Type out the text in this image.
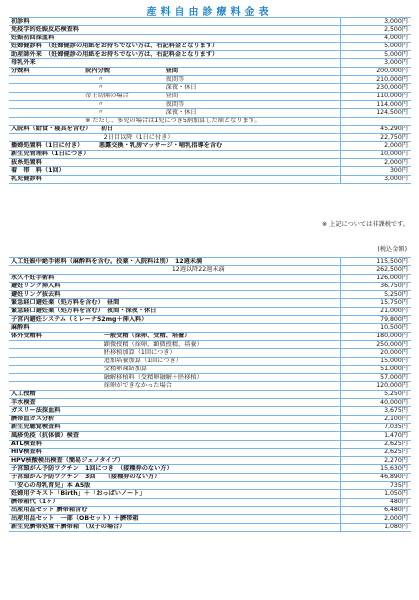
産料自由診療料金表
初診料	3,000円
免疫学的妊娠反応検査料	2,500円
妊娠初回採血料	4,000円
妊婦健診料　（妊婦健診の用紙をお持ちでない方は、右記料金となります）	5,000円
助産師外来　（妊婦健診の用紙をお持ちでない方は、右記料金となります）	5,000円
母乳外来	3,000円
分娩料　　　　　　　　　院内分娩　　　　　　　　　昼間	200,000円
　　　　　　　　　　　　　　〃　　　　　　　　　　夜間等	210,000円
　　　　　　　　　　　　　　〃　　　　　　　　　　深夜・休日	230,000円
　　　　　　　　　　　　帝王切開の場合　　　　　　昼間	110,000円
　　　　　　　　　　　　　　〃　　　　　　　　　　夜間等	114,000円
　　　　　　　　　　　　　　〃　　　　　　　　　　深夜・休日	124,500円
　　　　　　　　　　　　※ ただし、多児の場合は1児につき5割加算した額となります。	
入院料（給食・寝具を含む）　　初日	45,290円
　　　　　　　　　　　　　　　2日目以降（1日に付き）	22,750円
播婦処置料（1日に付き）　　　悪露交換・乳房マッサージ・哺乳指導を含む	2,000円
新生児管理料（1日につき）	10,000円
抜糸処置料	2,000円
着　帯　料（1回）	300円
乳児健診料	3,000円
※ 上記については非課税です。
(税込金額)
人工妊娠中絶手術料（麻酔料を含む。投薬・入院料は別）　12週未満	115,500円
　　　　　　　　　　　　　　　　　　　　　　　　　　12週以降22週未満	262,500円
永久不妊手術料	126,000円
避妊リング挿入料	36,750円
避妊リング抜去料	5,250円
緊急経口避妊薬（処方料を含む）　昼間	15,750円
緊急経口避妊薬（処方料を含む）　夜間・深夜・休日	21,000円
子宮内避妊システム（ミレーナ52mg＋挿入料）	79,800円
麻酔料	10,500円
体外受精料　　　　　　　　　　一般受精（採卵、受精、培養）	180,000円
　　　　　　　　　　　　　　　顕微授精（採卵、顕微授精、培養）	250,000円
　　　　　　　　　　　　　　　胚移植加算（1回につき）	20,000円
　　　　　　　　　　　　　　　追加培養加算（1回につき）	15,000円
　　　　　　　　　　　　　　　受精卵凍結加算	51,000円
　　　　　　　　　　　　　　　融解移植料（受精卵融解＋胚移植）	57,000円
　　　　　　　　　　　　　　　採卵ができなかった場合	120,000円
人工授精	5,250円
羊水検査	40,000円
ガスリー法採血料	3,675円
臍帯血ガス分析	2,100円
新生児聴覚検査料	7,035円
風疹免疫（抗体価）検査	1,470円
ATL検査料	2,625円
HIV検査料	2,625円
HPV核酸検出検査（簡易ジェノタイプ）	2,270円
子宮頸がん予防ワクチン　1回につき　（接種券のない方）	15,630円
子宮頸がん予防ワクチン　3回　　（接種券のない方）	46,890円
「安心の母乳育児」本 A5版	735円
妊婦用テキスト「Birth」＋「おっぱいノート」	1,050円
臍帯箱代（1ヶ）	480円
出産用品セット 臍帯箱含む	6,480円
出産用品セット　一部（OBセット）＋臍帯箱	2,000円
新生児臍帯処置＋臍帯箱　（双子の場合）	1,080円
